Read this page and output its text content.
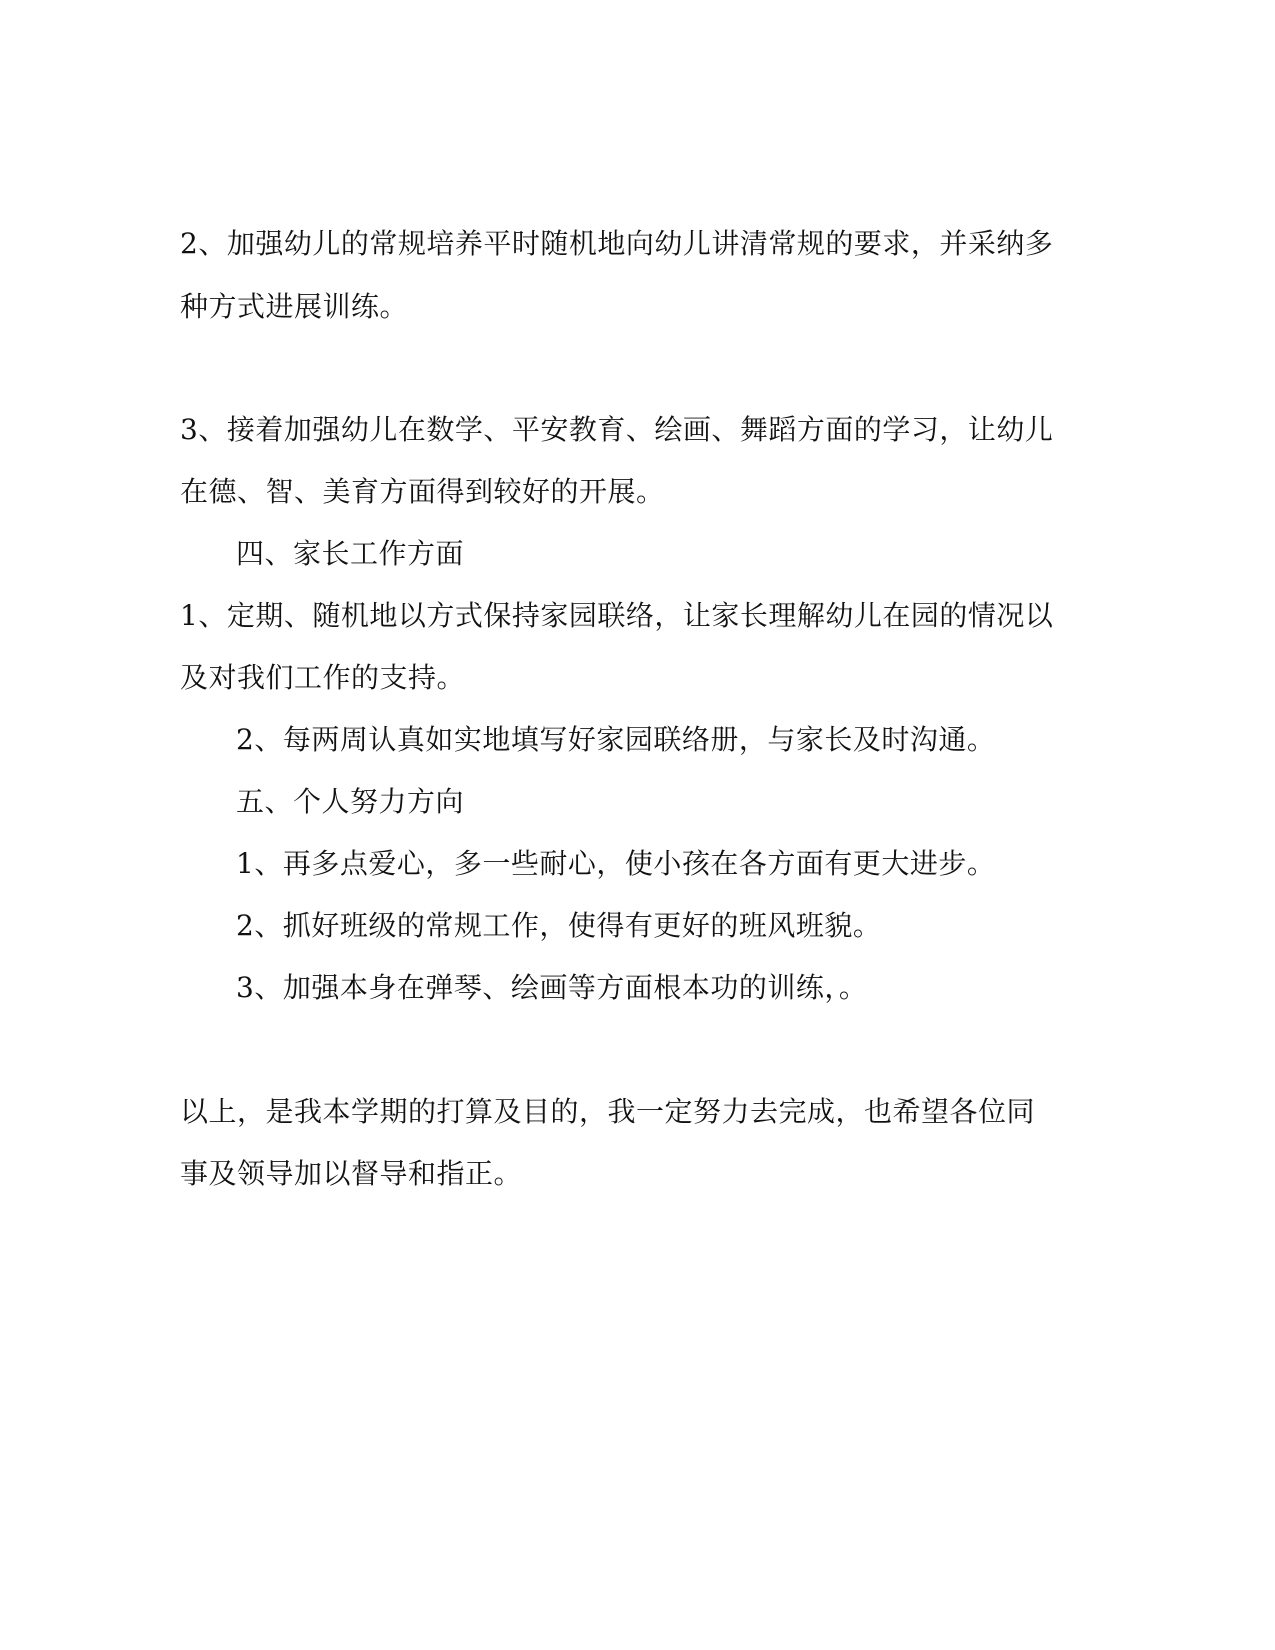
2、加强幼儿的常规培养平时随机地向幼儿讲清常规的要求，并采纳多
种方式进展训练。
3、接着加强幼儿在数学、平安教育、绘画、舞蹈方面的学习，让幼儿
在德、智、美育方面得到较好的开展。
四、家长工作方面
1、定期、随机地以方式保持家园联络，让家长理解幼儿在园的情况以
及对我们工作的支持。
2、每两周认真如实地填写好家园联络册，与家长及时沟通。
五、个人努力方向
1、再多点爱心，多一些耐心，使小孩在各方面有更大进步。
2、抓好班级的常规工作，使得有更好的班风班貌。
3、加强本身在弹琴、绘画等方面根本功的训练，。
以上，是我本学期的打算及目的，我一定努力去完成，也希望各位同
事及领导加以督导和指正。
